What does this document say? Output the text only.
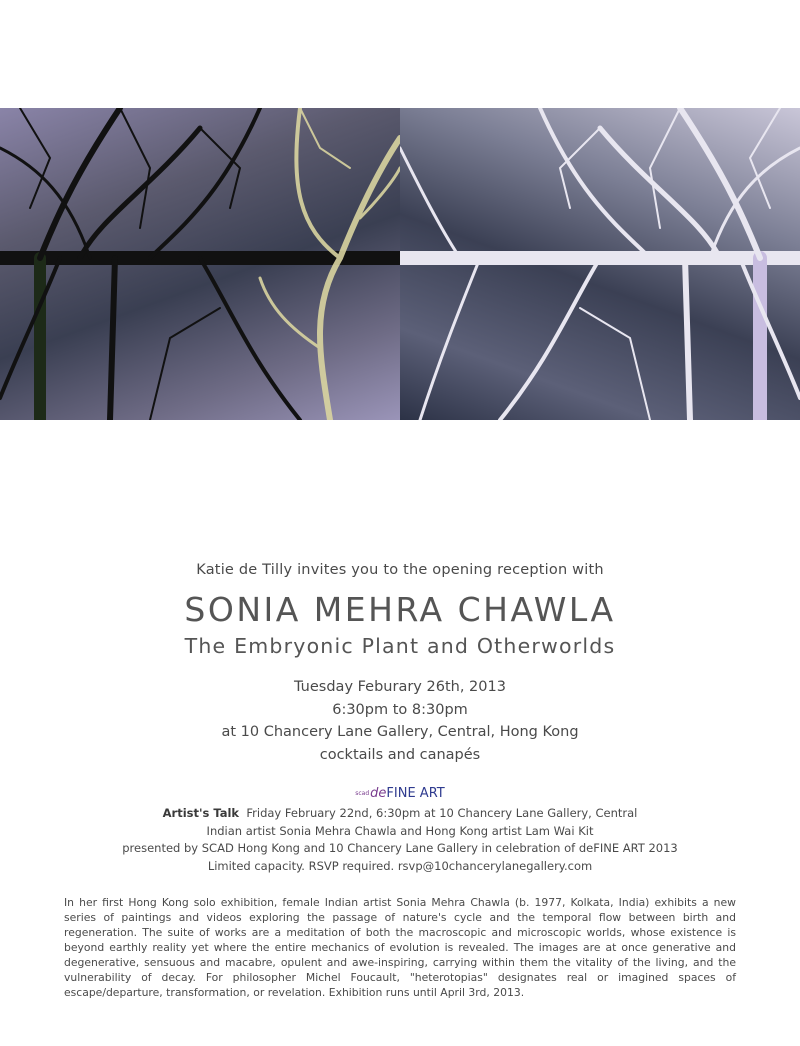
Katie de Tilly invites you to the opening reception with
SONIA MEHRA CHAWLA
The Embryonic Plant and Otherworlds
Tuesday Feburary 26th, 2013
6:30pm to 8:30pm
at 10 Chancery Lane Gallery, Central, Hong Kong
cocktails and canapés
scaddeFINE ART
Artist's Talk Friday February 22nd, 6:30pm at 10 Chancery Lane Gallery, Central
Indian artist Sonia Mehra Chawla and Hong Kong artist Lam Wai Kit
presented by SCAD Hong Kong and 10 Chancery Lane Gallery in celebration of deFINE ART 2013
Limited capacity. RSVP required. rsvp@10chancerylanegallery.com
In her first Hong Kong solo exhibition, female Indian artist Sonia Mehra Chawla (b. 1977, Kolkata, India) exhibits a new series of paintings and videos exploring the passage of nature's cycle and the temporal flow between birth and regeneration. The suite of works are a meditation of both the macroscopic and microscopic worlds, whose existence is beyond earthly reality yet where the entire mechanics of evolution is revealed. The images are at once generative and degenerative, sensuous and macabre, opulent and awe-inspiring, carrying within them the vitality of the living, and the vulnerability of decay. For philosopher Michel Foucault, "heterotopias" designates real or imagined spaces of escape/departure, transformation, or revelation. Exhibition runs until April 3rd, 2013.
